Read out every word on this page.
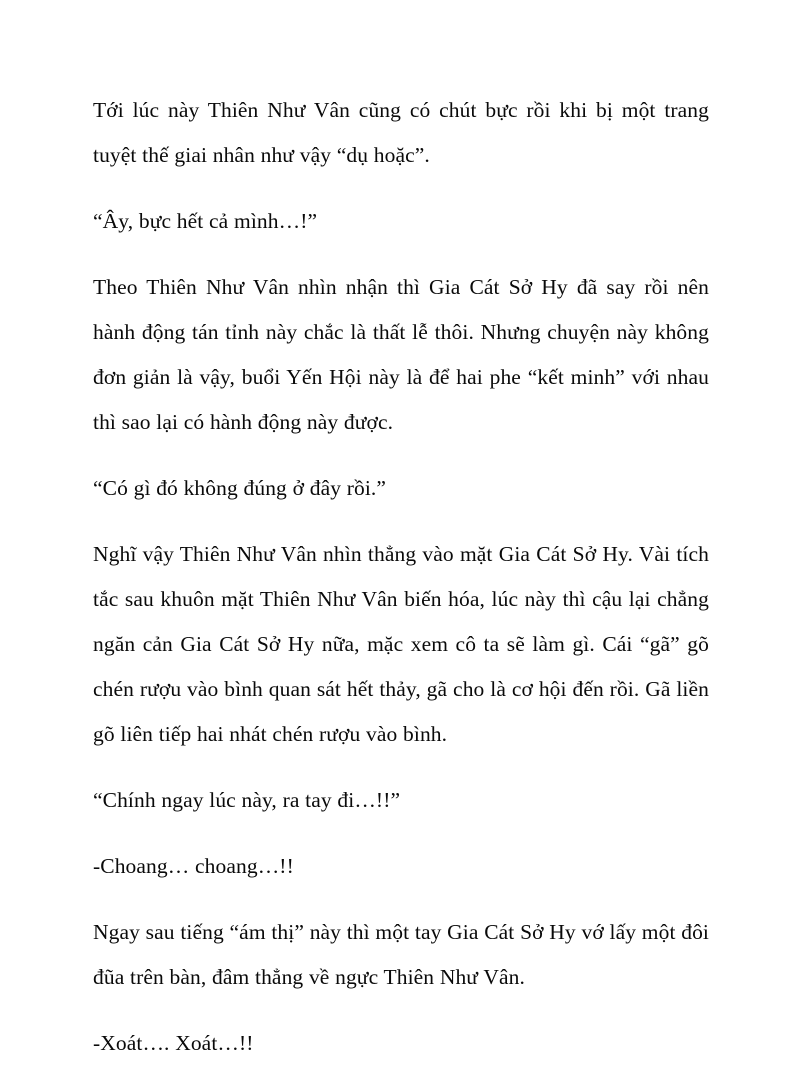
Tới lúc này Thiên Như Vân cũng có chút bực rồi khi bị một trang tuyệt thế giai nhân như vậy “dụ hoặc”.

“Ây, bực hết cả mình…!”

Theo Thiên Như Vân nhìn nhận thì Gia Cát Sở Hy đã say rồi nên hành động tán tỉnh này chắc là thất lễ thôi. Nhưng chuyện này không đơn giản là vậy, buổi Yến Hội này là để hai phe “kết minh” với nhau thì sao lại có hành động này được.

“Có gì đó không đúng ở đây rồi.”

Nghĩ vậy Thiên Như Vân nhìn thẳng vào mặt Gia Cát Sở Hy. Vài tích tắc sau khuôn mặt Thiên Như Vân biến hóa, lúc này thì cậu lại chẳng ngăn cản Gia Cát Sở Hy nữa, mặc xem cô ta sẽ làm gì. Cái “gã” gõ chén rượu vào bình quan sát hết thảy, gã cho là cơ hội đến rồi. Gã liền gõ liên tiếp hai nhát chén rượu vào bình.

“Chính ngay lúc này, ra tay đi…!!”

-Choang… choang…!!

Ngay sau tiếng “ám thị” này thì một tay Gia Cát Sở Hy vớ lấy một đôi đũa trên bàn, đâm thẳng về ngực Thiên Như Vân.

-Xoát…. Xoát…!!
